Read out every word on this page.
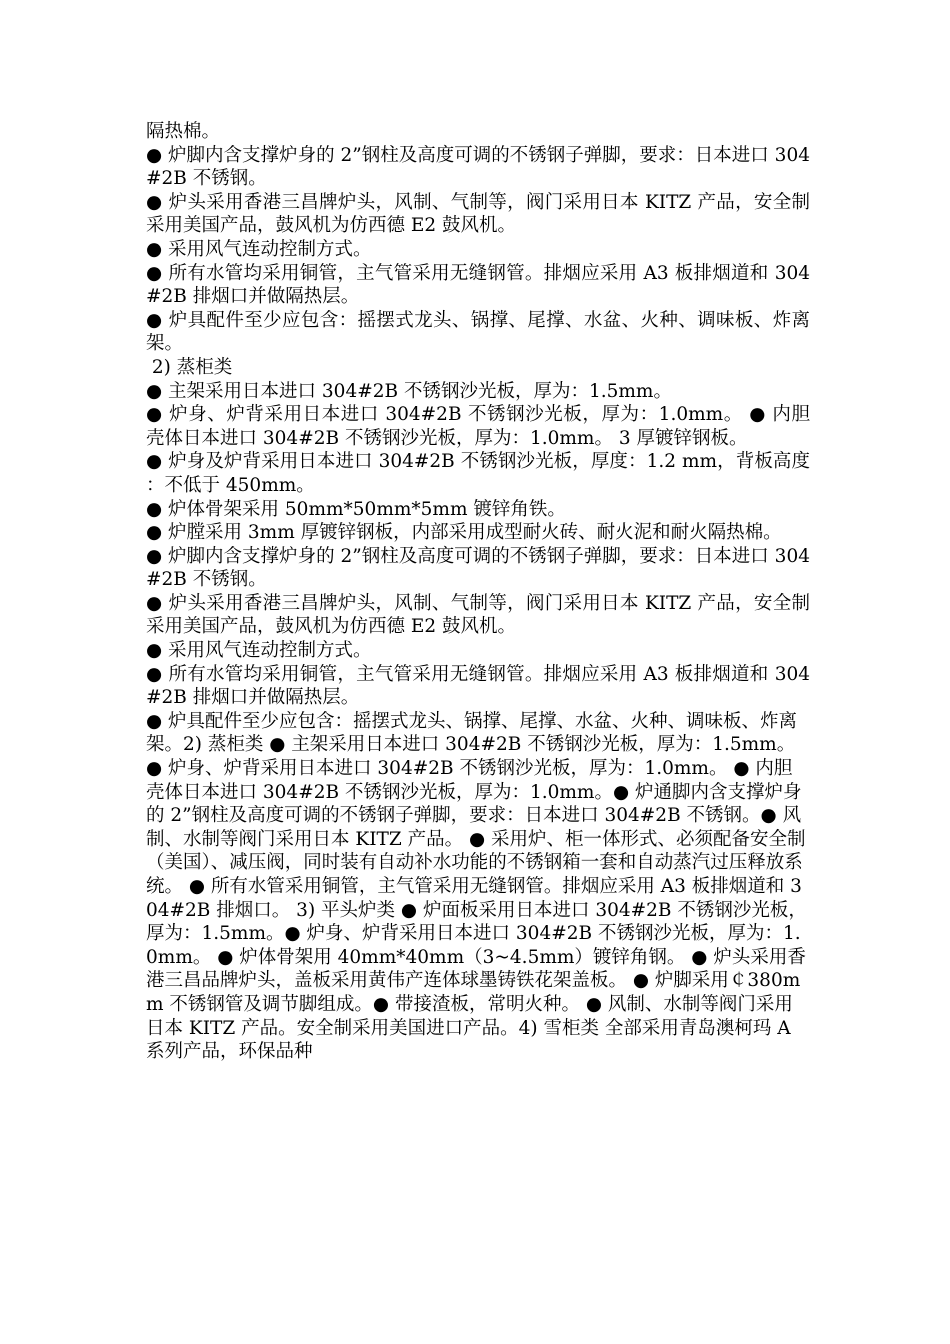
隔热棉。

● 炉脚内含支撑炉身的 2”钢柱及高度可调的不锈钢子弹脚，要求：日本进口 304#2B 不锈钢。

● 炉头采用香港三昌牌炉头，风制、气制等，阀门采用日本 KITZ 产品，安全制采用美国产品，鼓风机为仿西德 E2 鼓风机。

● 采用风气连动控制方式。

● 所有水管均采用铜管，主气管采用无缝钢管。排烟应采用 A3 板排烟道和 304#2B 排烟口并做隔热层。

● 炉具配件至少应包含：摇摆式龙头、锅撑、尾撑、水盆、火种、调味板、炸离架。

2) 蒸柜类

● 主架采用日本进口 304#2B 不锈钢沙光板，厚为：1.5mm。

● 炉身、炉背采用日本进口 304#2B 不锈钢沙光板，厚为：1.0mm。 ● 内胆壳体日本进口 304#2B 不锈钢沙光板，厚为：1.0mm。 3 厚镀锌钢板。

● 炉身及炉背采用日本进口 304#2B 不锈钢沙光板，厚度：1.2 mm，背板高度：不低于 450mm。

● 炉体骨架采用 50mm*50mm*5mm 镀锌角铁。

● 炉膛采用 3mm 厚镀锌钢板，内部采用成型耐火砖、耐火泥和耐火隔热棉。

● 炉脚内含支撑炉身的 2”钢柱及高度可调的不锈钢子弹脚，要求：日本进口 304#2B 不锈钢。

● 炉头采用香港三昌牌炉头，风制、气制等，阀门采用日本 KITZ 产品，安全制采用美国产品，鼓风机为仿西德 E2 鼓风机。

● 采用风气连动控制方式。

● 所有水管均采用铜管，主气管采用无缝钢管。排烟应采用 A3 板排烟道和 304#2B 排烟口并做隔热层。

● 炉具配件至少应包含：摇摆式龙头、锅撑、尾撑、水盆、火种、调味板、炸离架。2) 蒸柜类 ● 主架采用日本进口 304#2B 不锈钢沙光板，厚为：1.5mm。● 炉身、炉背采用日本进口 304#2B 不锈钢沙光板，厚为：1.0mm。 ● 内胆壳体日本进口 304#2B 不锈钢沙光板，厚为：1.0mm。● 炉通脚内含支撑炉身的 2”钢柱及高度可调的不锈钢子弹脚，要求：日本进口 304#2B 不锈钢。● 风制、水制等阀门采用日本 KITZ 产品。 ● 采用炉、柜一体形式、必须配备安全制（美国）、减压阀，同时装有自动补水功能的不锈钢箱一套和自动蒸汽过压释放系统。 ● 所有水管采用铜管，主气管采用无缝钢管。排烟应采用 A3 板排烟道和 304#2B 排烟口。 3) 平头炉类 ● 炉面板采用日本进口 304#2B 不锈钢沙光板，厚为：1.5mm。● 炉身、炉背采用日本进口 304#2B 不锈钢沙光板，厚为：1.0mm。 ● 炉体骨架用 40mm*40mm（3~4.5mm）镀锌角钢。 ● 炉头采用香港三昌品牌炉头，盖板采用黄伟产连体球墨铸铁花架盖板。 ● 炉脚采用￠380mm 不锈钢管及调节脚组成。● 带接渣板，常明火种。 ● 风制、水制等阀门采用日本 KITZ 产品。安全制采用美国进口产品。4) 雪柜类 全部采用青岛澳柯玛 A 系列产品，环保品种
